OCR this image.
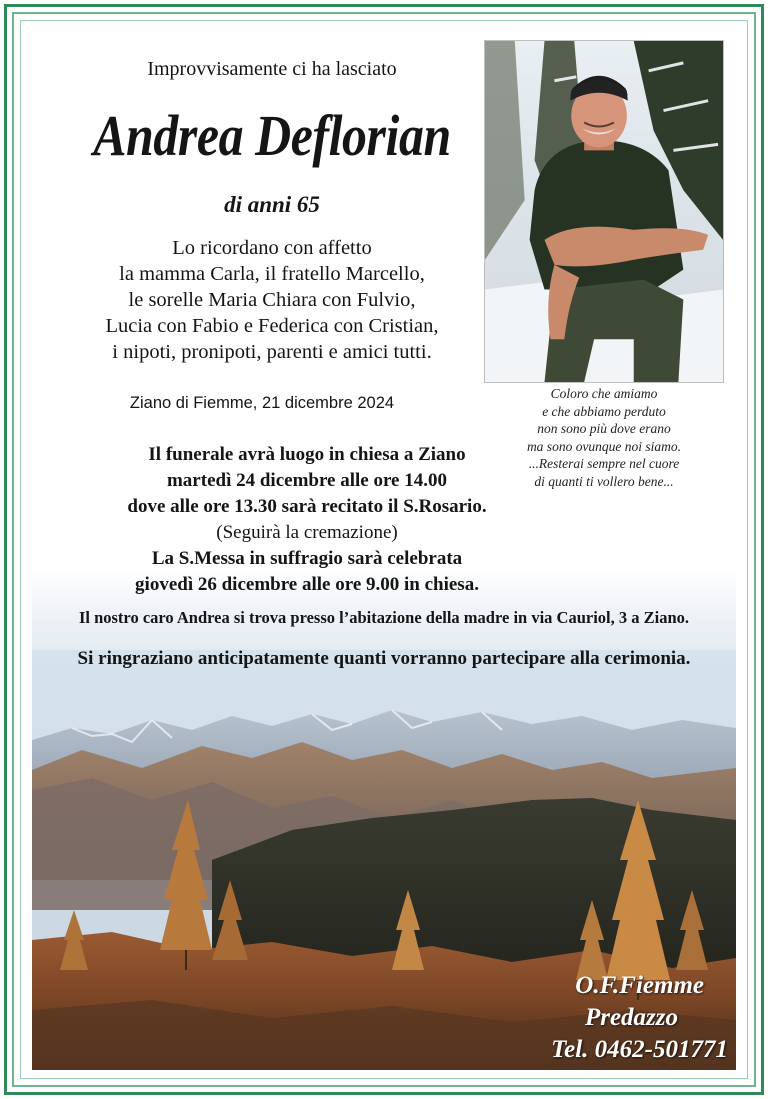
Improvvisamente ci ha lasciato
Andrea Deflorian
di anni 65
Lo ricordano con affetto
la mamma Carla, il fratello Marcello,
le sorelle Maria Chiara con Fulvio,
Lucia con Fabio e Federica con Cristian,
i nipoti, pronipoti, parenti e amici tutti.
Ziano di Fiemme, 21 dicembre 2024
Il funerale avrà luogo in chiesa a Ziano
martedì 24 dicembre alle ore 14.00
dove alle ore 13.30 sarà recitato il S.Rosario.
(Seguirà la cremazione)
La S.Messa in suffragio sarà celebrata
giovedì 26 dicembre alle ore 9.00 in chiesa.
Il nostro caro Andrea si trova presso l’abitazione della madre in via Cauriol, 3 a Ziano.
Si ringraziano anticipatamente quanti vorranno partecipare alla cerimonia.
Coloro che amiamo
e che abbiamo perduto
non sono più dove erano
ma sono ovunque noi siamo.
...Resterai sempre nel cuore
di quanti ti vollero bene...
O.F.Fiemme
Predazzo
Tel. 0462-501771
